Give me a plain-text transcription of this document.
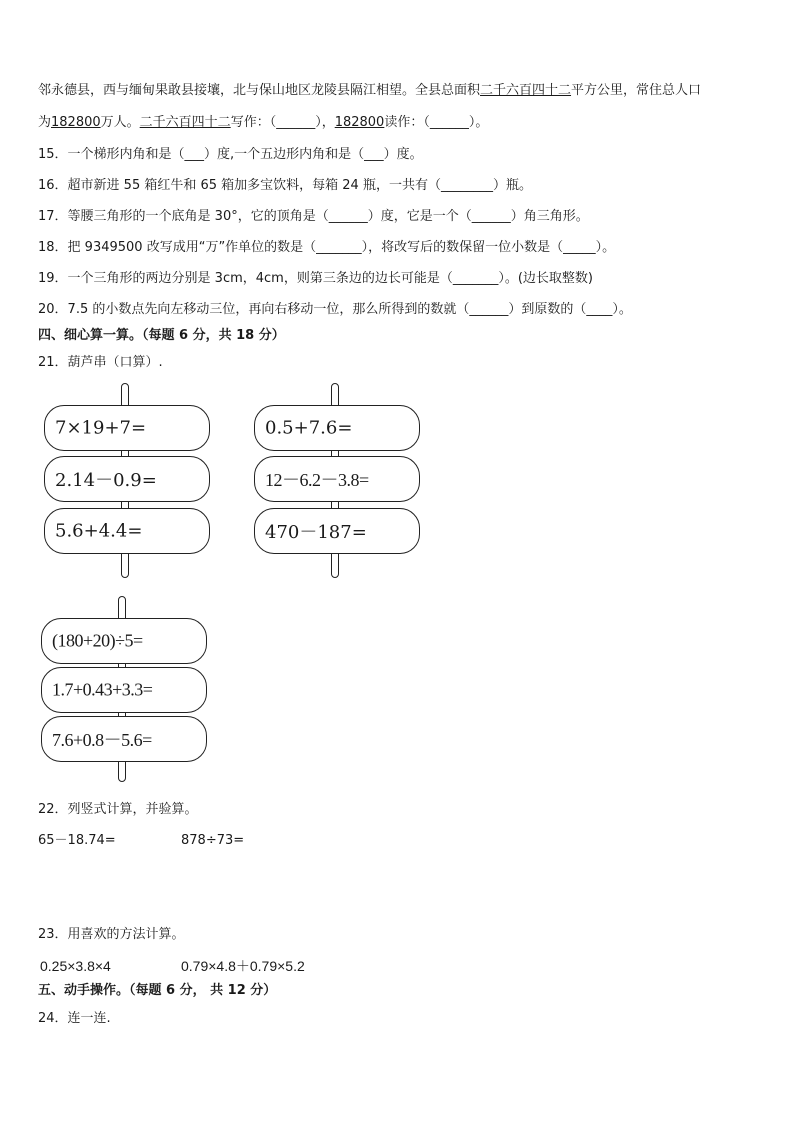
邻永德县，西与缅甸果敢县接壤，北与保山地区龙陵县隔江相望。全县总面积二千六百四十二平方公里，常住总人口
为182800万人。二千六百四十二写作：（______），182800读作：（______）。
15．一个梯形内角和是（___）度,一个五边形内角和是（___）度。
16．超市新进 55 箱红牛和 65 箱加多宝饮料，每箱 24 瓶，一共有（________）瓶。
17．等腰三角形的一个底角是 30°，它的顶角是（______）度，它是一个（______）角三角形。
18．把 9349500 改写成用“万”作单位的数是（_______），将改写后的数保留一位小数是（_____）。
19．一个三角形的两边分别是 3cm，4cm，则第三条边的边长可能是（_______）。(边长取整数)
20．7.5 的小数点先向左移动三位，再向右移动一位，那么所得到的数就（______）到原数的（____）。
四、细心算一算。（每题 6 分，共 18 分）
21．葫芦串（口算）.
7×19+7=
2.14－0.9=
5.6+4.4=
0.5+7.6=
12－6.2－3.8=
470－187=
(180+20)÷5=
1.7+0.43+3.3=
7.6+0.8－5.6=
22．列竖式计算，并验算。
65－18.74=	878÷73=
23．用喜欢的方法计算。
0.25×3.8×4	0.79×4.8＋0.79×5.2
五、动手操作。（每题 6 分， 共 12 分）
24．连一连.
